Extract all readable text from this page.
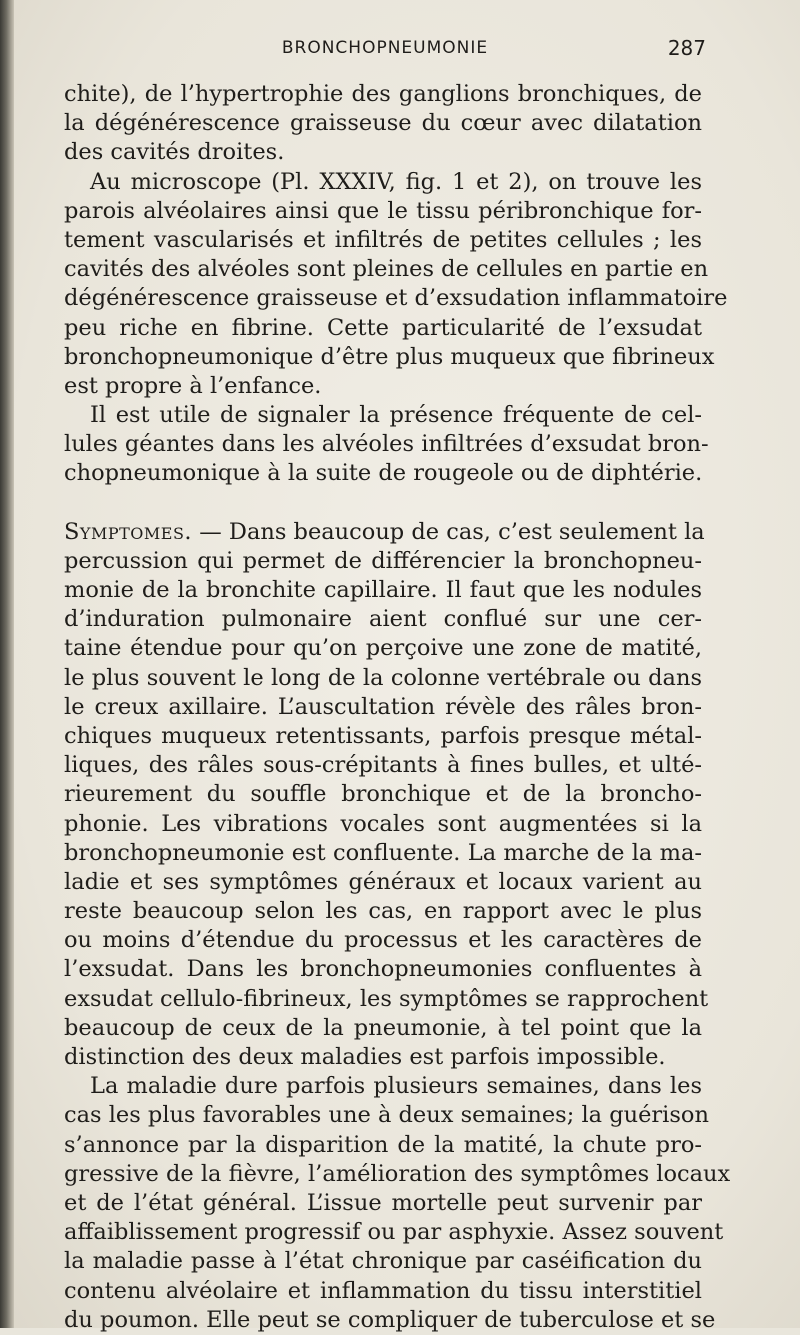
BRONCHOPNEUMONIE	287
chite), de l’hypertrophie des ganglions bronchiques, de
la dégénérescence graisseuse du cœur avec dilatation
des cavités droites.
Au microscope (Pl. XXXIV, fig. 1 et 2), on trouve les
parois alvéolaires ainsi que le tissu péribronchique for-
tement vascularisés et infiltrés de petites cellules ; les
cavités des alvéoles sont pleines de cellules en partie en
dégénérescence graisseuse et d’exsudation inflammatoire
peu riche en fibrine. Cette particularité de l’exsudat
bronchopneumonique d’être plus muqueux que fibrineux
est propre à l’enfance.
Il est utile de signaler la présence fréquente de cel-
lules géantes dans les alvéoles infiltrées d’exsudat bron-
chopneumonique à la suite de rougeole ou de diphtérie.
Symptomes. — Dans beaucoup de cas, c’est seulement la
percussion qui permet de différencier la bronchopneu-
monie de la bronchite capillaire. Il faut que les nodules
d’induration pulmonaire aient conflué sur une cer-
taine étendue pour qu’on perçoive une zone de matité,
le plus souvent le long de la colonne vertébrale ou dans
le creux axillaire. L’auscultation révèle des râles bron-
chiques muqueux retentissants, parfois presque métal-
liques, des râles sous-crépitants à fines bulles, et ulté-
rieurement du souffle bronchique et de la broncho-
phonie. Les vibrations vocales sont augmentées si la
bronchopneumonie est confluente. La marche de la ma-
ladie et ses symptômes généraux et locaux varient au
reste beaucoup selon les cas, en rapport avec le plus
ou moins d’étendue du processus et les caractères de
l’exsudat. Dans les bronchopneumonies confluentes à
exsudat cellulo-fibrineux, les symptômes se rapprochent
beaucoup de ceux de la pneumonie, à tel point que la
distinction des deux maladies est parfois impossible.
La maladie dure parfois plusieurs semaines, dans les
cas les plus favorables une à deux semaines; la guérison
s’annonce par la disparition de la matité, la chute pro-
gressive de la fièvre, l’amélioration des symptômes locaux
et de l’état général. L’issue mortelle peut survenir par
affaiblissement progressif ou par asphyxie. Assez souvent
la maladie passe à l’état chronique par caséification du
contenu alvéolaire et inflammation du tissu interstitiel
du poumon. Elle peut se compliquer de tuberculose et se
